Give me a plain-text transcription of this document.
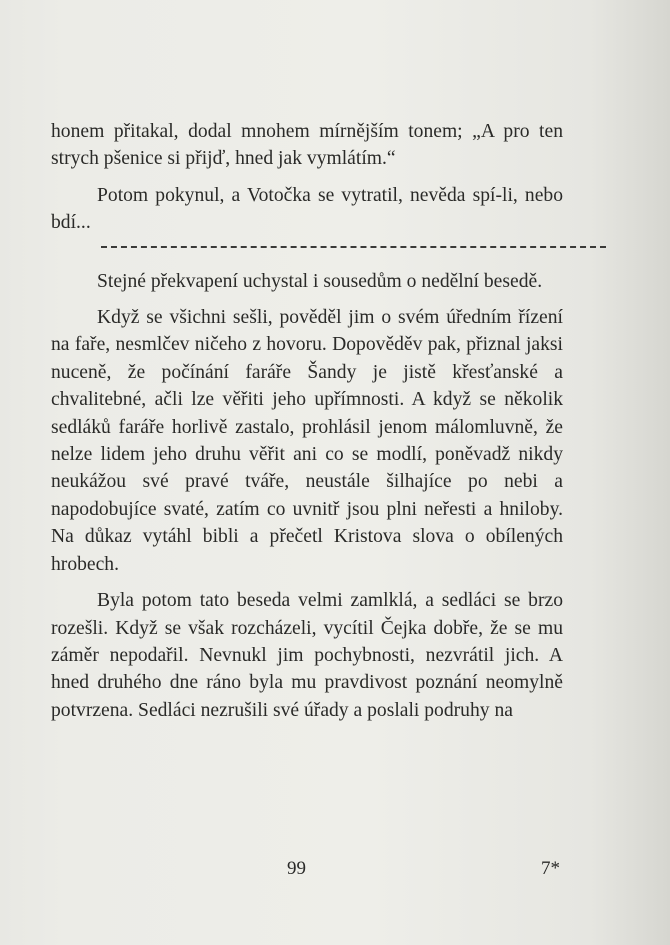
honem přitakal, dodal mnohem mírnějším tonem; „A pro ten strych pšenice si přijď, hned jak vymlátím.“

Potom pokynul, a Votočka se vytratil, nevěda spí-li, nebo bdí...

Stejné překvapení uchystal i sousedům o nedělní besedě.

Když se všichni sešli, pověděl jim o svém úředním řízení na faře, nesmlčev ničeho z hovoru. Dopověděv pak, přiznal jaksi nuceně, že počínání faráře Šandy je jistě křesťanské a chvalitebné, ačli lze věřiti jeho upřímnosti. A když se několik sedláků faráře horlivě zastalo, prohlásil jenom málomluvně, že nelze lidem jeho druhu věřit ani co se modlí, poněvadž nikdy neukážou své pravé tváře, neustále šilhajíce po nebi a napodobujíce svaté, zatím co uvnitř jsou plni neřesti a hniloby. Na důkaz vytáhl bibli a přečetl Kristova slova o obílených hrobech.

Byla potom tato beseda velmi zamlklá, a sedláci se brzo rozešli. Když se však rozcházeli, vycítil Čejka dobře, že se mu záměr nepodařil. Nevnukl jim pochybnosti, nezvrátil jich. A hned druhého dne ráno byla mu pravdivost poznání neomylně potvrzena. Sedláci nezrušili své úřady a poslali podruhy na

99	7*
